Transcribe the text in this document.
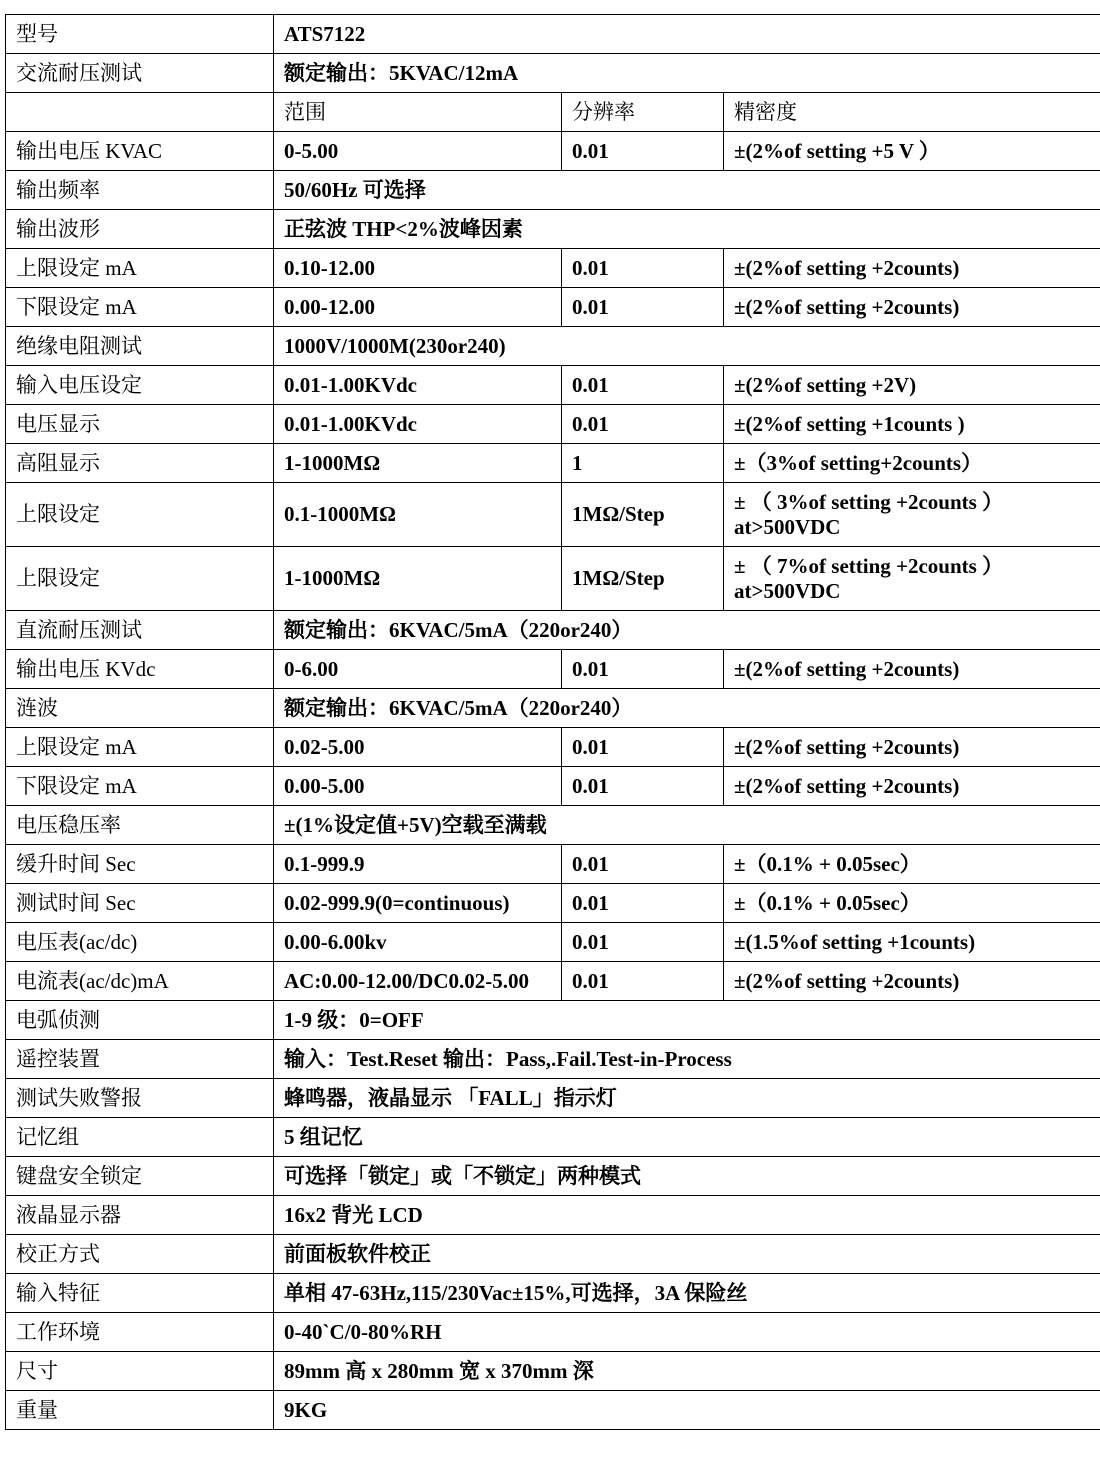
型号	ATS7122		
交流耐压测试	额定输出：5KVAC/12mA		
	范围	分辨率	精密度
输出电压 KVAC	0-5.00	0.01	±(2%of setting +5 V ）
输出频率	50/60Hz 可选择		
输出波形	正弦波 THP<2%波峰因素		
上限设定 mA	0.10-12.00	0.01	±(2%of setting +2counts)
下限设定 mA	0.00-12.00	0.01	±(2%of setting +2counts)
绝缘电阻测试	1000V/1000M(230or240)		
输入电压设定	0.01-1.00KVdc	0.01	±(2%of setting +2V)
电压显示	0.01-1.00KVdc	0.01	±(2%of setting +1counts )
高阻显示	1-1000MΩ	1	±（3%of setting+2counts）
上限设定	0.1-1000MΩ	1MΩ/Step	± （ 3%of setting +2counts ） at>500VDC
上限设定	1-1000MΩ	1MΩ/Step	± （ 7%of setting +2counts ） at>500VDC
直流耐压测试	额定输出：6KVAC/5mA（220or240）		
输出电压 KVdc	0-6.00	0.01	±(2%of setting +2counts)
涟波	额定输出：6KVAC/5mA（220or240）		
上限设定 mA	0.02-5.00	0.01	±(2%of setting +2counts)
下限设定 mA	0.00-5.00	0.01	±(2%of setting +2counts)
电压稳压率	±(1%设定值+5V)空载至满载		
缓升时间 Sec	0.1-999.9	0.01	±（0.1% + 0.05sec）
测试时间 Sec	0.02-999.9(0=continuous)	0.01	±（0.1% + 0.05sec）
电压表(ac/dc)	0.00-6.00kv	0.01	±(1.5%of setting +1counts)
电流表(ac/dc)mA	AC:0.00-12.00/DC0.02-5.00	0.01	±(2%of setting +2counts)
电弧侦测	1-9 级：0=OFF		
遥控装置	输入：Test.Reset 输出：Pass,.Fail.Test-in-Process		
测试失败警报	蜂鸣器，液晶显示 「FALL」指示灯		
记忆组	5 组记忆		
键盘安全锁定	可选择「锁定」或「不锁定」两种模式		
液晶显示器	16x2 背光 LCD		
校正方式	前面板软件校正		
输入特征	单相 47-63Hz,115/230Vac±15%,可选择，3A 保险丝		
工作环境	0-40`C/0-80%RH		
尺寸	89mm 高 x 280mm 宽 x 370mm 深		
重量	9KG		
